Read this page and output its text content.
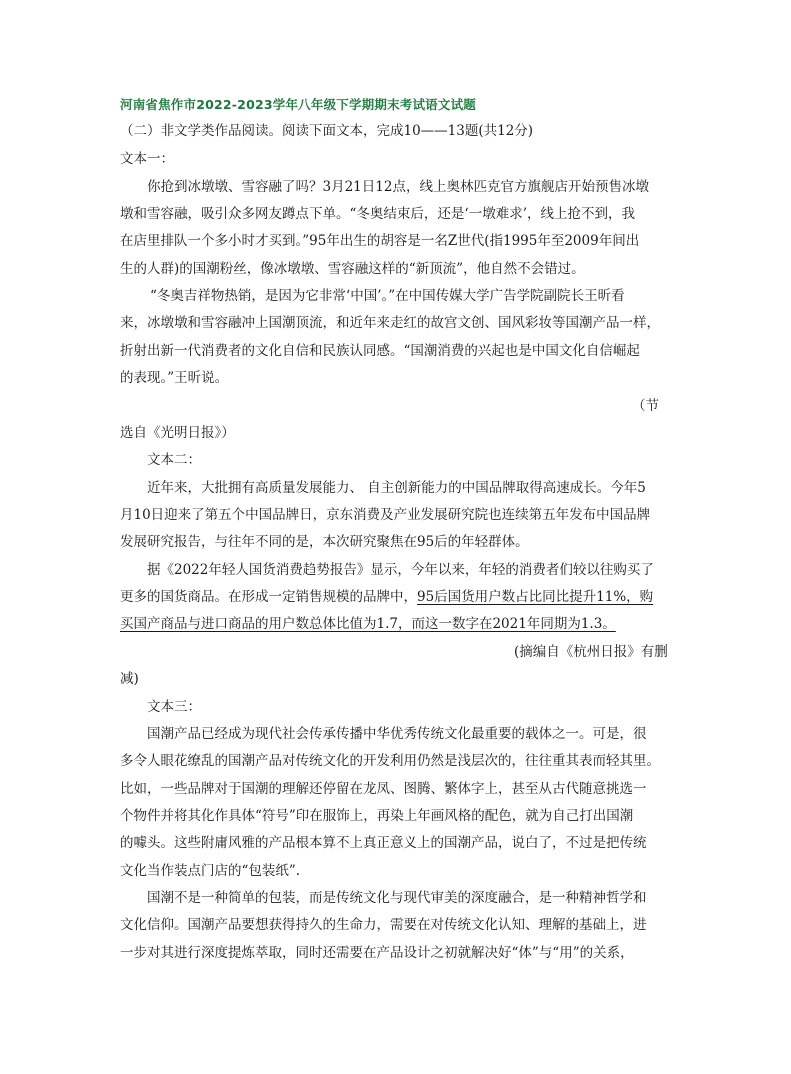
河南省焦作市2022-2023学年八年级下学期期末考试语文试题
（二）非文学类作品阅读。阅读下面文本，完成10——13题(共12分)
文本一：
你抢到冰墩墩、雪容融了吗？3月21日12点，线上奥林匹克官方旗舰店开始预售冰墩
墩和雪容融，吸引众多网友蹲点下单。“冬奥结束后，还是‘一墩难求’，线上抢不到，我
在店里排队一个多小时才买到。”95年出生的胡容是一名Z世代(指1995年至2009年间出
生的人群)的国潮粉丝，像冰墩墩、雪容融这样的“新顶流”，他自然不会错过。
“冬奥吉祥物热销，是因为它非常‘中国’。”在中国传媒大学广告学院副院长王昕看
来，冰墩墩和雪容融冲上国潮顶流，和近年来走红的故宫文创、国风彩妆等国潮产品一样，
折射出新一代消费者的文化自信和民族认同感。“国潮消费的兴起也是中国文化自信崛起
的表现。”王昕说。
（节
选自《光明日报》）
文本二：
近年来，大批拥有高质量发展能力、 自主创新能力的中国品牌取得高速成长。今年5
月10日迎来了第五个中国品牌日，京东消费及产业发展研究院也连续第五年发布中国品牌
发展研究报告，与往年不同的是，本次研究聚焦在95后的年轻群体。
据《2022年轻人国货消费趋势报告》显示，今年以来，年轻的消费者们较以往购买了
更多的国货商品。在形成一定销售规模的品牌中，95后国货用户数占比同比提升11%，购
买国产商品与进口商品的用户数总体比值为1.7，而这一数字在2021年同期为1.3。
(摘编自《杭州日报》有删
减)
文本三：
国潮产品已经成为现代社会传承传播中华优秀传统文化最重要的载体之一。可是，很
多令人眼花缭乱的国潮产品对传统文化的开发利用仍然是浅层次的，往往重其表而轻其里。
比如，一些品牌对于国潮的理解还停留在龙凤、图腾、繁体字上，甚至从古代随意挑选一
个物件并将其化作具体“符号”印在服饰上，再染上年画风格的配色，就为自己打出国潮
的噱头。这些附庸风雅的产品根本算不上真正意义上的国潮产品，说白了，不过是把传统
文化当作装点门店的“包装纸”.
国潮不是一种简单的包装，而是传统文化与现代审美的深度融合，是一种精神哲学和
文化信仰。国潮产品要想获得持久的生命力，需要在对传统文化认知、理解的基础上，进
一步对其进行深度提炼萃取，同时还需要在产品设计之初就解决好“体”与“用”的关系，
